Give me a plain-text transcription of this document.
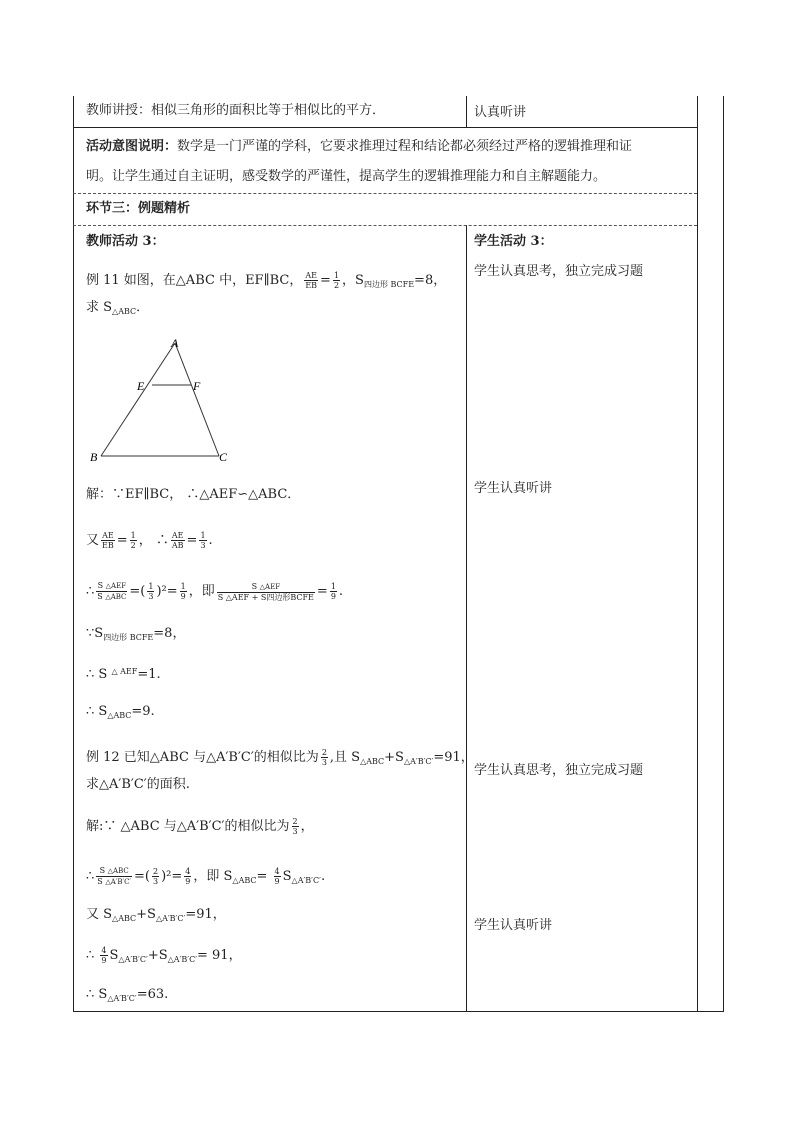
教师讲授：相似三角形的面积比等于相似比的平方．	认真听讲
活动意图说明：数学是一门严谨的学科，它要求推理过程和结论都必须经过严格的逻辑推理和证
明。让学生通过自主证明，感受数学的严谨性，提高学生的逻辑推理能力和自主解题能力。
环节三：例题精析
教师活动 3：	学生活动 3：
例 11 如图，在△ABC 中，EF∥BC， $\frac{AE}{EB} = \frac{1}{2}$ ，$S_{四边形 BCFE}=8$，
求 $S_{\triangle ABC}$．
A
E	F
B	C
解：∵EF∥BC， ∴△AEF∽△ABC．
又 $\frac{AE}{EB} = \frac{1}{2}$ ， ∴ $\frac{AE}{AB} = \frac{1}{3}$ .
∴ $\frac{\text{S △AEF}}{\text{S △ABC}}$ =( $\frac{1}{3} )^2= \frac{1}{9}$ ，即 $\frac{\text{S △AEF}}{\text{S △AEF + S四边形BCFE}} = \frac{1}{9}$ .
$\because S_{四边形 BCFE}=8$，
∴ S $^{\triangle AEF}$=1.
∴ $S_{\triangle ABC}=9$.
例 12 已知△ABC 与△A′B′C′的相似比为 $\frac{2}{3}$ ,且 $S_{\triangle ABC}+S_{\triangle A'B'C'}=91$，
求△A′B′C′的面积.
解:∵ △ABC 与△A′B′C′的相似比为 $\frac{2}{3}$ ，
∴ $\frac{\text{S △ABC}}{S \triangle A'B'C'}$ =( $\frac{2}{3} )^2= \frac{4}{9}$ ，即 $S_{\triangle ABC}= \frac{4}{9} S_{\triangle A'B'C'}$.
又 $S_{\triangle ABC}+S_{\triangle A'B'C'}=91$，
∴ $\frac{4}{9} S_{\triangle A'B'C'}+S_{\triangle A'B'C'}= 91$，
∴ $S_{\triangle A'B'C'}=63$.
学生认真思考，独立完成习题
学生认真听讲
学生认真思考，独立完成习题
学生认真听讲
